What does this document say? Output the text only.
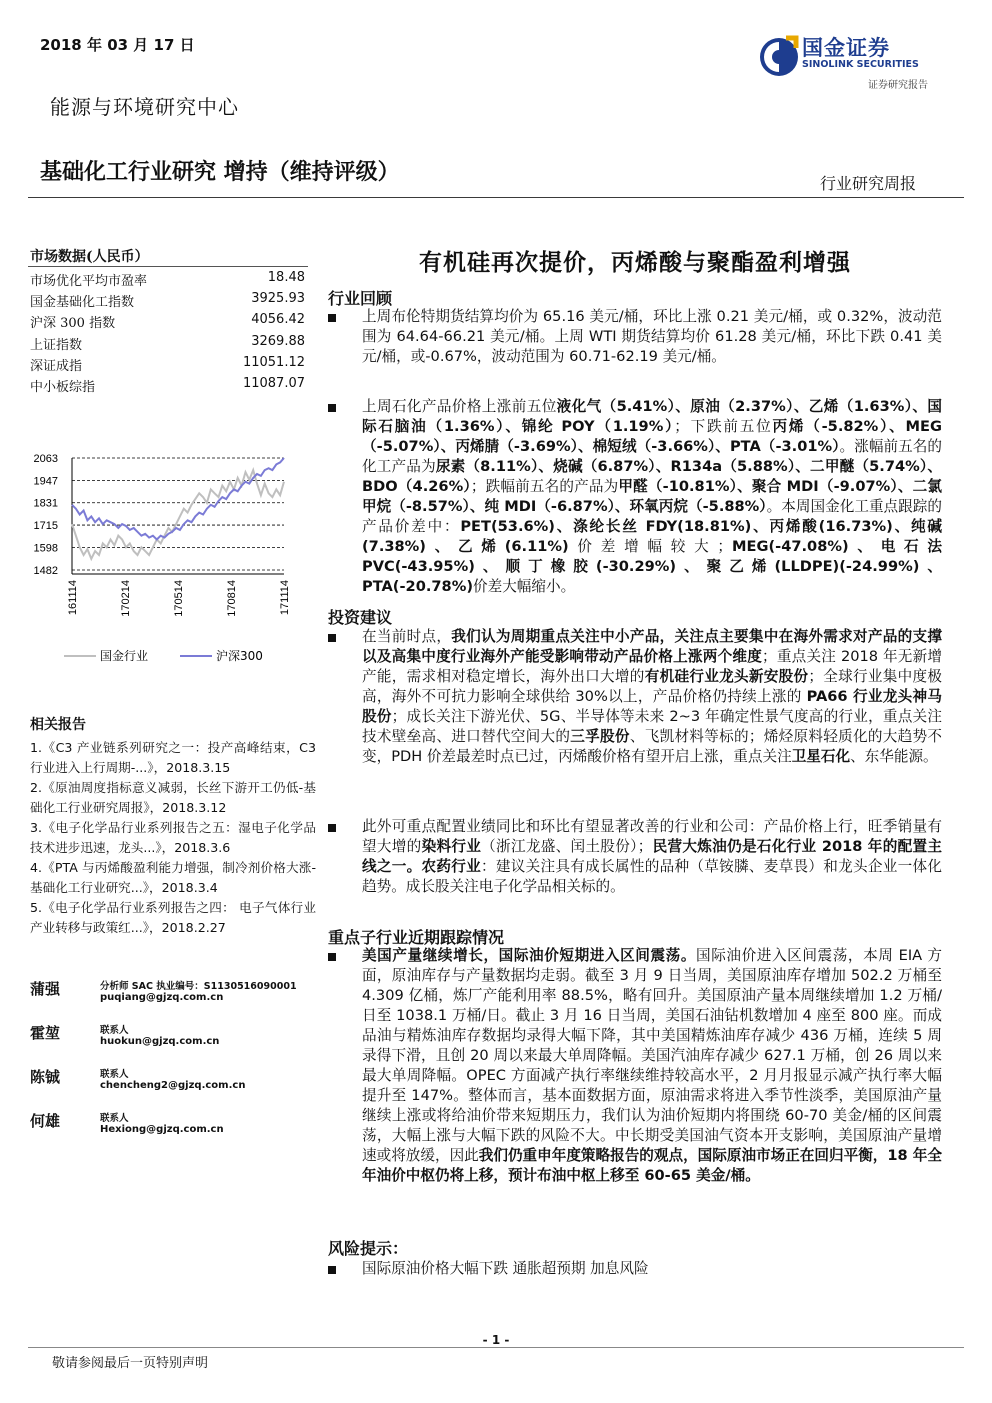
2018 年 03 月 17 日
能源与环境研究中心
基础化工行业研究 增持（维持评级）	行业研究周报
国金证券
SINOLINK SECURITIES
证券研究报告
市场数据(人民币）
市场优化平均市盈率	18.48
国金基础化工指数	3925.93
沪深 300 指数	4056.42
上证指数	3269.88
深证成指	11051.12
中小板综指	11087.07
2063
1947
1831
1715
1598
1482
161114	170214	170514	170814	171114
国金行业	沪深300
相关报告
1.《C3 产业链系列研究之一：投产高峰结束，C3 行业进入上行周期-...》，2018.3.15
2.《原油周度指标意义减弱，长丝下游开工仍低-基础化工行业研究周报》，2018.3.12
3.《电子化学品行业系列报告之五：湿电子化学品 技术进步迅速，龙头...》，2018.3.6
4.《PTA 与丙烯酸盈利能力增强，制冷剂价格大涨-基础化工行业研究...》，2018.3.4
5.《电子化学品行业系列报告之四： 电子气体行业 产业转移与政策红...》，2018.2.27
蒲强	分析师 SAC 执业编号：S1130516090001
puqiang@gjzq.com.cn
霍堃	联系人
huokun@gjzq.com.cn
陈铖	联系人
chencheng2@gjzq.com.cn
何雄	联系人
Hexiong@gjzq.com.cn
有机硅再次提价，丙烯酸与聚酯盈利增强
行业回顾
上周布伦特期货结算均价为 65.16 美元/桶，环比上涨 0.21 美元/桶，或 0.32%，波动范围为 64.64-66.21 美元/桶。上周 WTI 期货结算均价 61.28 美元/桶，环比下跌 0.41 美元/桶，或-0.67%，波动范围为 60.71-62.19 美元/桶。
上周石化产品价格上涨前五位液化气（5.41%）、原油（2.37%）、乙烯（1.63%）、国际石脑油（1.36%）、锦纶 POY（1.19%）；下跌前五位丙烯（-5.82%）、MEG（-5.07%）、丙烯腈（-3.69%）、棉短绒（-3.66%）、PTA（-3.01%）。涨幅前五名的化工产品为尿素（8.11%）、烧碱（6.87%）、R134a（5.88%）、二甲醚（5.74%）、BDO（4.26%）；跌幅前五名的产品为甲醛（-10.81%）、聚合 MDI（-9.07%）、二氯甲烷（-8.57%）、纯 MDI（-6.87%）、环氧丙烷（-5.88%）。本周国金化工重点跟踪的产品价差中：PET(53.6%)、涤纶长丝 FDY(18.81%)、丙烯酸(16.73%)、纯碱(7.38%)、乙烯(6.11%)价差增幅较大；MEG(-47.08%)、电石法 PVC(-43.95%)、顺丁橡胶(-30.29%)、聚乙烯(LLDPE)(-24.99%)、PTA(-20.78%)价差大幅缩小。
投资建议
在当前时点，我们认为周期重点关注中小产品，关注点主要集中在海外需求对产品的支撑以及高集中度行业海外产能受影响带动产品价格上涨两个维度；重点关注 2018 年无新增产能，需求相对稳定增长，海外出口大增的有机硅行业龙头新安股份；全球行业集中度极高，海外不可抗力影响全球供给 30%以上，产品价格仍持续上涨的 PA66 行业龙头神马股份；成长关注下游光伏、5G、半导体等未来 2~3 年确定性景气度高的行业，重点关注技术壁垒高、进口替代空间大的三孚股份、飞凯材料等标的；烯烃原料轻质化的大趋势不变，PDH 价差最差时点已过，丙烯酸价格有望开启上涨，重点关注卫星石化、东华能源。
此外可重点配置业绩同比和环比有望显著改善的行业和公司：产品价格上行，旺季销量有望大增的染料行业（浙江龙盛、闰土股份）；民营大炼油仍是石化行业 2018 年的配置主线之一。农药行业：建议关注具有成长属性的品种（草铵膦、麦草畏）和龙头企业一体化趋势。成长股关注电子化学品相关标的。
重点子行业近期跟踪情况
美国产量继续增长，国际油价短期进入区间震荡。国际油价进入区间震荡，本周 EIA 方面，原油库存与产量数据均走弱。截至 3 月 9 日当周，美国原油库存增加 502.2 万桶至 4.309 亿桶，炼厂产能利用率 88.5%，略有回升。美国原油产量本周继续增加 1.2 万桶/日至 1038.1 万桶/日。截止 3 月 16 日当周，美国石油钻机数增加 4 座至 800 座。而成品油与精炼油库存数据均录得大幅下降，其中美国精炼油库存减少 436 万桶，连续 5 周录得下滑，且创 20 周以来最大单周降幅。美国汽油库存减少 627.1 万桶，创 26 周以来最大单周降幅。OPEC 方面减产执行率继续维持较高水平，2 月月报显示减产执行率大幅提升至 147%。整体而言，基本面数据方面，原油需求将进入季节性淡季，美国原油产量继续上涨或将给油价带来短期压力，我们认为油价短期内将围绕 60-70 美金/桶的区间震荡，大幅上涨与大幅下跌的风险不大。中长期受美国油气资本开支影响，美国原油产量增速或将放缓，因此我们仍重申年度策略报告的观点，国际原油市场正在回归平衡，18 年全年油价中枢仍将上移，预计布油中枢上移至 60-65 美金/桶。
风险提示：
国际原油价格大幅下跌 通胀超预期 加息风险
- 1 -
敬请参阅最后一页特别声明
